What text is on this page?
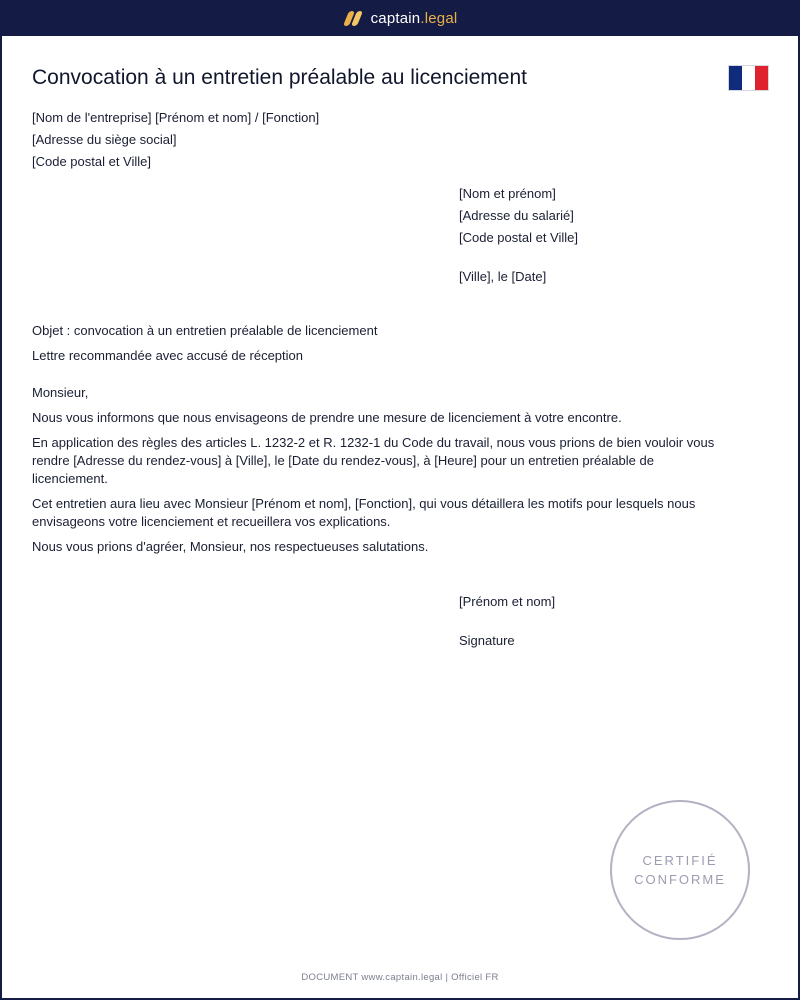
captain.legal
Convocation à un entretien préalable au licenciement

[Nom de l'entreprise] [Prénom et nom] / [Fonction]

[Adresse du siège social]

[Code postal et Ville]

[Nom et prénom]

[Adresse du salarié]

[Code postal et Ville]

[Ville], le [Date]

Objet : convocation à un entretien préalable de licenciement

Lettre recommandée avec accusé de réception

Monsieur,

Nous vous informons que nous envisageons de prendre une mesure de licenciement à votre encontre.

En application des règles des articles L. 1232-2 et R. 1232-1 du Code du travail, nous vous prions de bien vouloir vous rendre [Adresse du rendez-vous] à [Ville], le [Date du rendez-vous], à [Heure] pour un entretien préalable de licenciement.

Cet entretien aura lieu avec Monsieur [Prénom et nom], [Fonction], qui vous détaillera les motifs pour lesquels nous envisageons votre licenciement et recueillera vos explications.

Nous vous prions d'agréer, Monsieur, nos respectueuses salutations.

[Prénom et nom]

Signature

CERTIFIÉ
CONFORME
DOCUMENT www.captain.legal | Officiel FR
